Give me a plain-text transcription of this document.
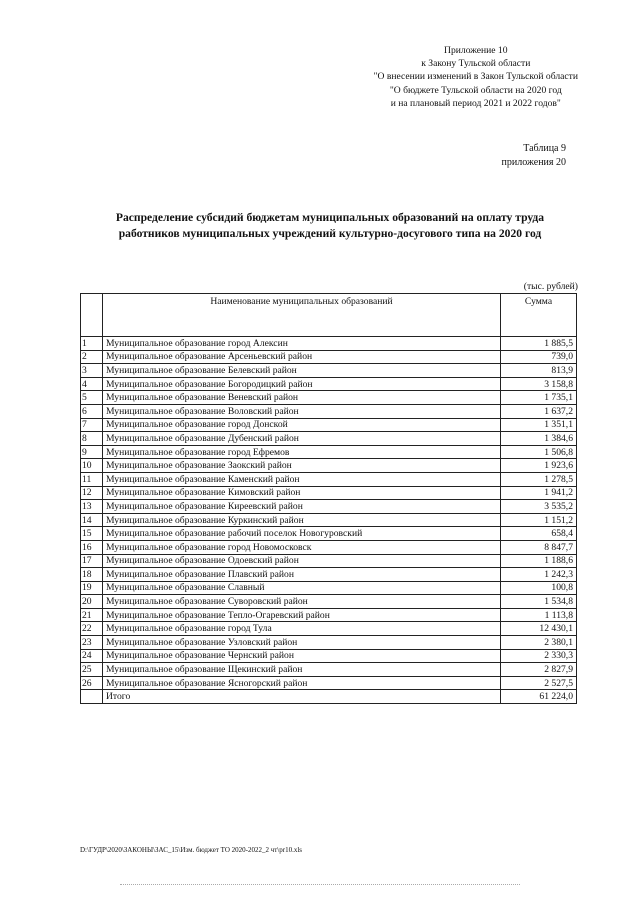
Приложение 10
к Закону Тульской области
"О внесении изменений в Закон Тульской области
"О бюджете Тульской области на 2020 год
и на плановый период 2021 и 2022 годов"
Таблица 9
приложения 20
Распределение субсидий бюджетам муниципальных образований на оплату труда
работников муниципальных учреждений культурно-досугового типа на 2020 год
(тыс. рублей)
	Наименование муниципальных образований	Сумма
1	Муниципальное образование город Алексин	1 885,5
2	Муниципальное образование Арсеньевский район	739,0
3	Муниципальное образование Белевский район	813,9
4	Муниципальное образование Богородицкий район	3 158,8
5	Муниципальное образование Веневский район	1 735,1
6	Муниципальное образование Воловский район	1 637,2
7	Муниципальное образование город Донской	1 351,1
8	Муниципальное образование Дубенский район	1 384,6
9	Муниципальное образование город Ефремов	1 506,8
10	Муниципальное образование Заокский район	1 923,6
11	Муниципальное образование Каменский район	1 278,5
12	Муниципальное образование Кимовский район	1 941,2
13	Муниципальное образование Киреевский район	3 535,2
14	Муниципальное образование Куркинский район	1 151,2
15	Муниципальное образование рабочий поселок Новогуровский	658,4
16	Муниципальное образование город Новомосковск	8 847,7
17	Муниципальное образование Одоевский район	1 188,6
18	Муниципальное образование Плавский район	1 242,3
19	Муниципальное образование Славный	100,8
20	Муниципальное образование Суворовский район	1 534,8
21	Муниципальное образование Тепло-Огаревский район	1 113,8
22	Муниципальное образование город Тула	12 430,1
23	Муниципальное образование Узловский район	2 380,1
24	Муниципальное образование Чернский район	2 330,3
25	Муниципальное образование Щекинский район	2 827,9
26	Муниципальное образование Ясногорский район	2 527,5
	Итого	61 224,0
D:\ГУДР\2020\ЗАКОНЫ\ЗАС_15\Изм. бюджет ТО 2020-2022_2 чт\pr10.xls
